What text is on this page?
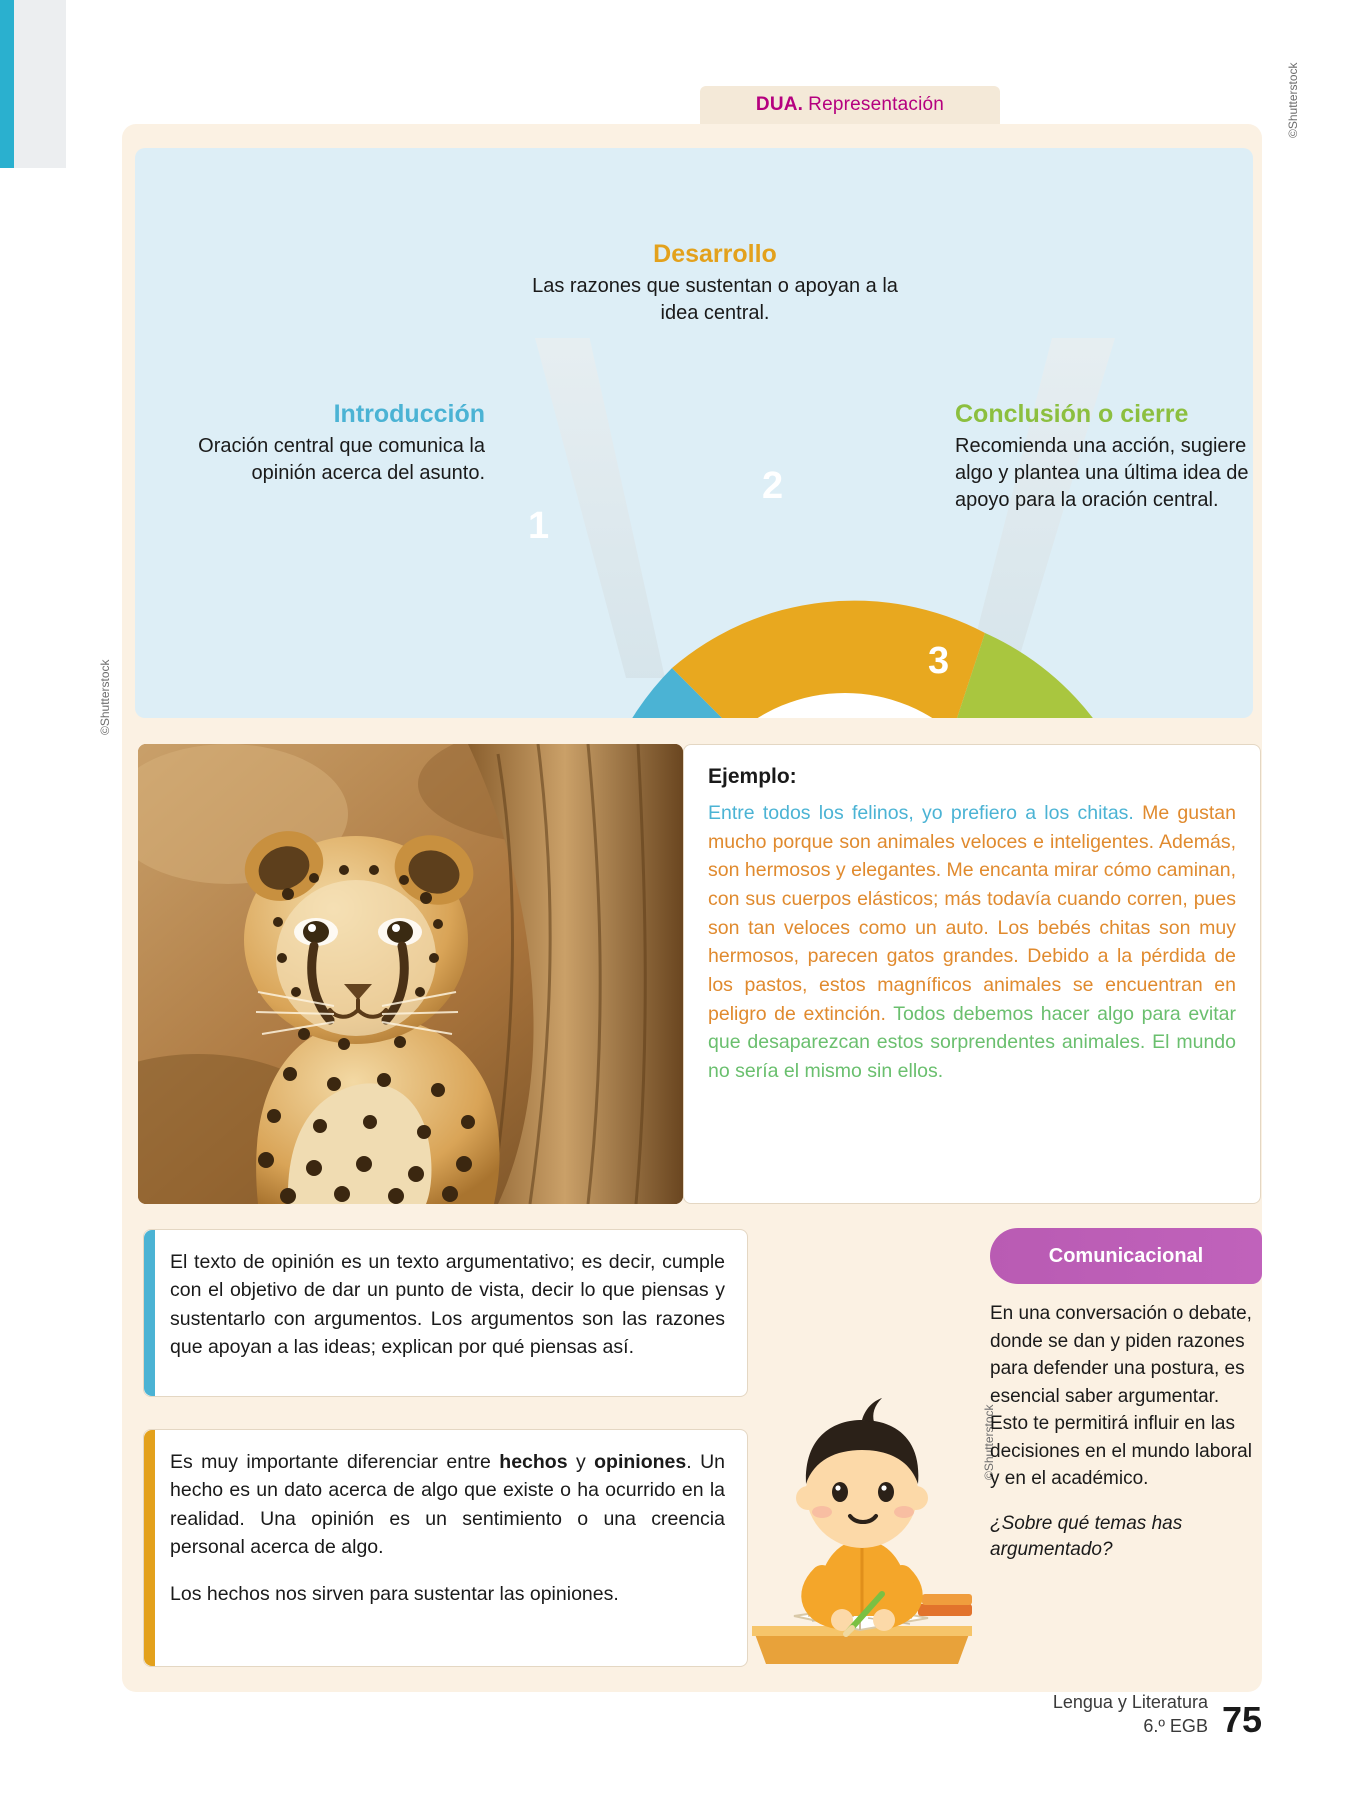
DUA. Representación
1
2
3
Introducción
Oración central que comunica la opinión acerca del asunto.
Desarrollo
Las razones que sustentan o apoyan a la idea central.
Conclusión o cierre
Recomienda una acción, sugiere algo y plantea una última idea de apoyo para la oración central.
©Shutterstock
©Shutterstock
©Shutterstock
Ejemplo:
Entre todos los felinos, yo prefiero a los chitas. Me gustan mucho porque son animales veloces e inteligentes. Además, son hermosos y elegantes. Me encanta mirar cómo caminan, con sus cuerpos elásticos; más todavía cuando corren, pues son tan veloces como un auto. Los bebés chitas son muy hermosos, parecen gatos grandes. Debido a la pérdida de los pastos, estos magníficos animales se encuentran en peligro de extinción. Todos debemos hacer algo para evitar que desaparezcan estos sorprendentes animales. El mundo no sería el mismo sin ellos.
El texto de opinión es un texto argumentativo; es decir, cumple con el objetivo de dar un punto de vista, decir lo que piensas y sustentarlo con argumentos. Los argumentos son las razones que apoyan a las ideas; explican por qué piensas así.

Es muy importante diferenciar entre hechos y opiniones. Un hecho es un dato acerca de algo que existe o ha ocurrido en la realidad. Una opinión es un sentimiento o una creencia personal acerca de algo.

Los hechos nos sirven para sustentar las opiniones.

Comunicacional
En una conversación o debate, donde se dan y piden razones para defender una postura, es esencial saber argumentar. Esto te permitirá influir en las decisiones en el mundo laboral y en el académico.
¿Sobre qué temas has argumentado?
Lengua y Literatura
6.º EGB 75
